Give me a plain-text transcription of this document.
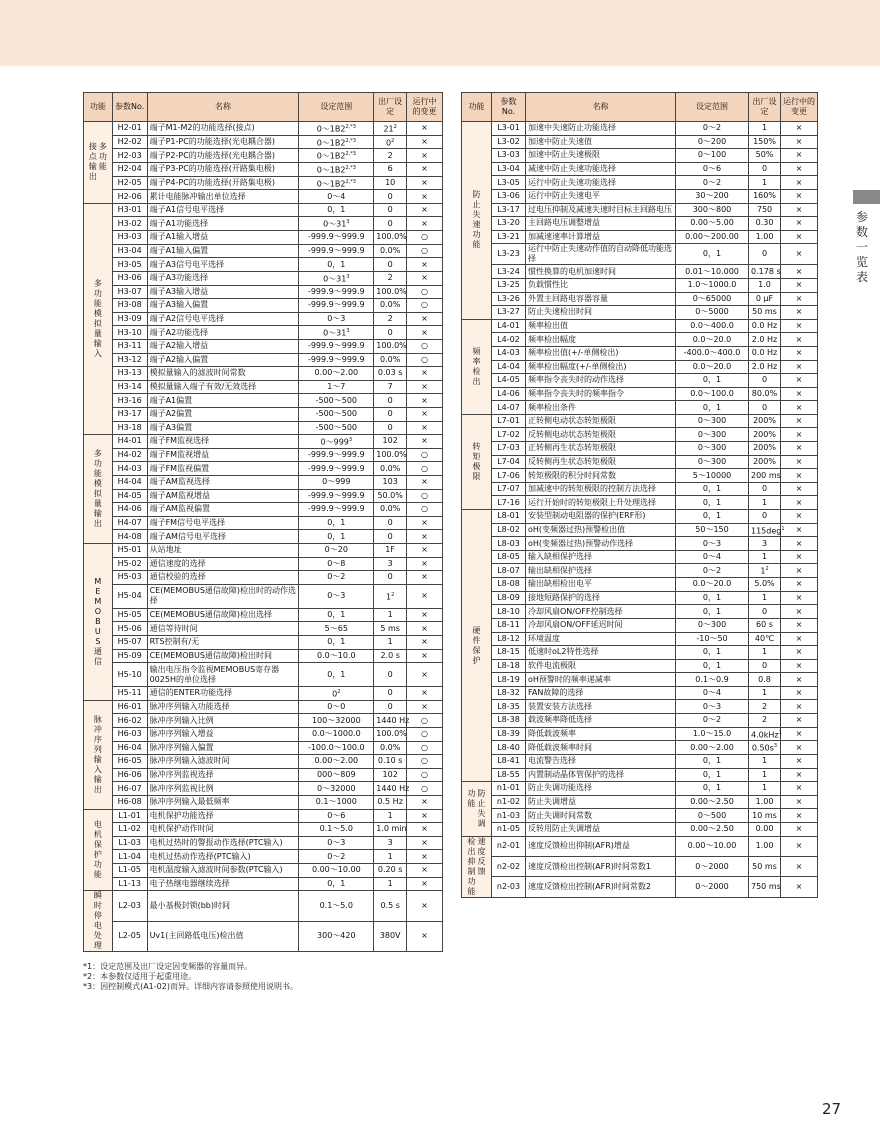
参
数
一
览
表
功能	参数No.	名称	设定范围	出厂设定	运行中的变更

接点输出
多功能	H2-01	端子M1-M2的功能选择(接点)	$0\sim 1B2^{2,*3}$	$21^2$	×
	H2-02	端子P1-PC的功能选择(光电耦合器)	$0\sim 1B2^{2,*3}$	$0^2$	×
	H2-03	端子P2-PC的功能选择(光电耦合器)	$0\sim 1B2^{2,*3}$	2	×
	H2-04	端子P3-PC的功能选择(开路集电极)	$0\sim 1B2^{2,*3}$	6	×
	H2-05	端子P4-PC的功能选择(开路集电极)	$0\sim 1B2^{2,*3}$	10	×
	H2-06	累计电能脉冲输出单位选择	0～4	0	×
多功能模拟量输入	H3-01	端子A1信号电平选择	0，1	0	×
	H3-02	端子A1功能选择	$0\sim 31^3$	0	×
	H3-03	端子A1输入增益	-999.9～999.9	100.0%	○
	H3-04	端子A1输入偏置	-999.9～999.9	0.0%	○
	H3-05	端子A3信号电平选择	0，1	0	×
	H3-06	端子A3功能选择	$0\sim 31^3$	2	×
	H3-07	端子A3输入增益	-999.9～999.9	100.0%	○
	H3-08	端子A3输入偏置	-999.9～999.9	0.0%	○
	H3-09	端子A2信号电平选择	0～3	2	×
	H3-10	端子A2功能选择	$0\sim 31^3$	0	×
	H3-11	端子A2输入增益	-999.9～999.9	100.0%	○
	H3-12	端子A2输入偏置	-999.9～999.9	0.0%	○
	H3-13	模拟量输入的滤波时间常数	0.00～2.00	0.03 s	×
	H3-14	模拟量输入端子有效/无效选择	1～7	7	×
	H3-16	端子A1偏置	-500～500	0	×
	H3-17	端子A2偏置	-500～500	0	×
	H3-18	端子A3偏置	-500～500	0	×
多功能模拟量输出	H4-01	端子FM监视选择	$0\sim 999^3$	102	×
	H4-02	端子FM监视增益	-999.9～999.9	100.0%	○
	H4-03	端子FM监视偏置	-999.9～999.9	0.0%	○
	H4-04	端子AM监视选择	0～999	103	×
	H4-05	端子AM监视增益	-999.9～999.9	50.0%	○
	H4-06	端子AM监视偏置	-999.9～999.9	0.0%	○
	H4-07	端子FM信号电平选择	0，1	0	×
	H4-08	端子AM信号电平选择	0，1	0	×
MEMOBUS通信	H5-01	从站地址	0～20	1F	×
	H5-02	通信速度的选择	0～8	3	×
	H5-03	通信校验的选择	0～2	0	×
	H5-04	CE(MEMOBUS通信故障)检出时的动作选择	0～3	$1^2$	×
	H5-05	CE(MEMOBUS通信故障)检出选择	0，1	1	×
	H5-06	通信等待时间	5～65	5 ms	×
	H5-07	RTS控制有/无	0，1	1	×
	H5-09	CE(MEMOBUS通信故障)检出时间	0.0～10.0	2.0 s	×
	H5-10	输出电压指令监视MEMOBUS寄存器0025H的单位选择	0，1	0	×
	H5-11	通信的ENTER功能选择	$0^2$	0	×
脉冲序列输入输出	H6-01	脉冲序列输入功能选择	0～0	0	×
	H6-02	脉冲序列输入比例	100～32000	1440 Hz	○
	H6-03	脉冲序列输入增益	0.0～1000.0	100.0%	○
	H6-04	脉冲序列输入偏置	-100.0～100.0	0.0%	○
	H6-05	脉冲序列输入滤波时间	0.00～2.00	0.10 s	○
	H6-06	脉冲序列监视选择	000～809	102	○
	H6-07	脉冲序列监视比例	0～32000	1440 Hz	○
	H6-08	脉冲序列输入最低频率	0.1～1000	0.5 Hz	×
电机保护功能	L1-01	电机保护功能选择	0～6	1	×
	L1-02	电机保护动作时间	0.1～5.0	1.0 min	×
	L1-03	电机过热时的警报动作选择(PTC输入)	0～3	3	×
	L1-04	电机过热动作选择(PTC输入)	0～2	1	×
	L1-05	电机温度输入滤波时间参数(PTC输入)	0.00～10.00	0.20 s	×
	L1-13	电子热继电器继续选择	0，1	1	×
瞬时停电处理	L2-03	最小基极封锁(bb)时间	0.1～5.0	0.5 s	×
	L2-05	Uv1(主回路低电压)检出值	300～420	380V	×
功能	参数No.	名称	设定范围	出厂设定	运行中的变更
防止失速功能	L3-01	加速中失速防止功能选择	0～2	1	×
	L3-02	加速中防止失速值	0～200	150%	×
	L3-03	加速中防止失速极限	0～100	50%	×
	L3-04	减速中防止失速功能选择	0～6	0	×
	L3-05	运行中防止失速功能选择	0～2	1	×
	L3-06	运行中防止失速电平	30～200	160%	×
	L3-17	过电压抑制及减速失速时目标主回路电压	300～800	750	×
	L3-20	主回路电压调整增益	0.00～5.00	0.30	×
	L3-21	加减速速率计算增益	0.00～200.00	1.00	×
	L3-23	运行中防止失速动作值的自动降低功能选择	0，1	0	×
	L3-24	惯性换算的电机加速时间	0.01～10.000	0.178 s	×
	L3-25	负载惯性比	1.0～1000.0	1.0	×
	L3-26	外置主回路电容器容量	0～65000	0 μF	×
	L3-27	防止失速检出时间	0～5000	50 ms	×
频率检出	L4-01	频率检出值	0.0～400.0	0.0 Hz	×
	L4-02	频率检出幅度	0.0～20.0	2.0 Hz	×
	L4-03	频率检出值(+/-单侧检出)	-400.0～400.0	0.0 Hz	×
	L4-04	频率检出幅度(+/-单侧检出)	0.0～20.0	2.0 Hz	×
	L4-05	频率指令丧失时的动作选择	0，1	0	×
	L4-06	频率指令丧失时的频率指令	0.0～100.0	80.0%	×
	L4-07	频率检出条件	0，1	0	×
转矩极限	L7-01	正转侧电动状态转矩极限	0～300	200%	×
	L7-02	反转侧电动状态转矩极限	0～300	200%	×
	L7-03	正转侧再生状态转矩极限	0～300	200%	×
	L7-04	反转侧再生状态转矩极限	0～300	200%	×
	L7-06	转矩极限的积分时间常数	5～10000	200 ms	×
	L7-07	加减速中的转矩极限的控制方法选择	0，1	0	×
	L7-16	运行开始时的转矩极限上升处理选择	0，1	1	×
硬件保护	L8-01	安装型制动电阻器的保护(ERF形)	0，1	0	×
	L8-02	oH(变频器过热)预警检出值	50～150	115deg$^1$	×
	L8-03	oH(变频器过热)预警动作选择	0～3	3	×
	L8-05	输入缺相保护选择	0～4	1	×
	L8-07	输出缺相保护选择	0～2	$1^2$	×
	L8-08	输出缺相检出电平	0.0～20.0	5.0%	×
	L8-09	接地短路保护的选择	0，1	1	×
	L8-10	冷却风扇ON/OFF控制选择	0，1	0	×
	L8-11	冷却风扇ON/OFF延迟时间	0～300	60 s	×
	L8-12	环境温度	-10～50	40℃	×
	L8-15	低速时oL2特性选择	0，1	1	×
	L8-18	软件电流极限	0，1	0	×
	L8-19	oH预警时的频率递减率	0.1～0.9	0.8	×
	L8-32	FAN故障的选择	0～4	1	×
	L8-35	装置安装方法选择	0～3	2	×
	L8-38	载波频率降低选择	0～2	2	×
	L8-39	降低载波频率	1.0～15.0	4.0kHz$^1$	×
	L8-40	降低载波频率时间	0.00～2.00	$0.50s^3$	×
	L8-41	电流警告选择	0，1	1	×
	L8-55	内置制动晶体管保护的选择	0，1	1	×

功能
防止失调	n1-01	防止失调功能选择	0，1	1	×
	n1-02	防止失调增益	0.00～2.50	1.00	×
	n1-03	防止失调时间常数	0～500	10 ms	×
	n1-05	反转用防止失调增益	0.00～2.50	0.00	×

检出抑制功能
速度反馈	n2-01	速度反馈检出抑制(AFR)增益	0.00～10.00	1.00	×
	n2-02	速度反馈检出控制(AFR)时间常数1	0～2000	50 ms	×
	n2-03	速度反馈检出控制(AFR)时间常数2	0～2000	750 ms	×
*1：设定范围及出厂设定因变频器的容量而异。
*2：本参数仅适用于起重用途。
*3：因控制模式(A1-02)而异。详细内容请参照使用说明书。
27
